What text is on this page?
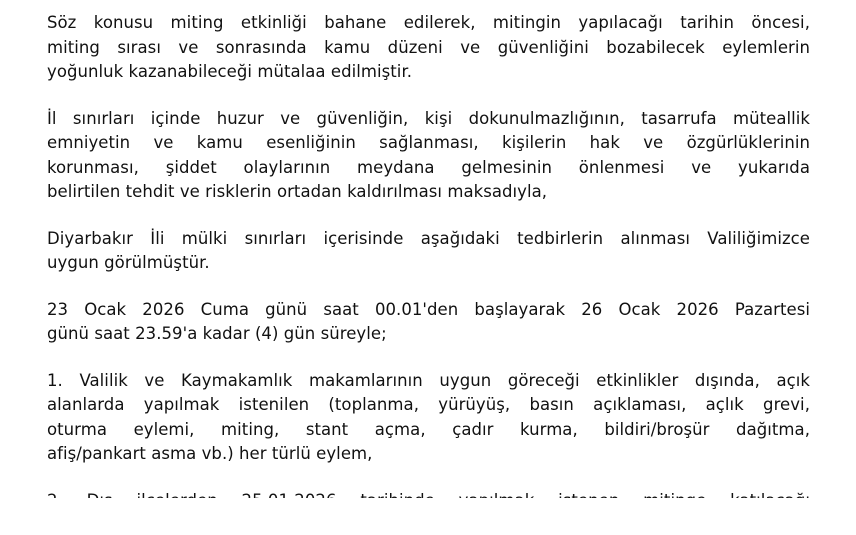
Söz konusu miting etkinliği bahane edilerek, mitingin yapılacağı tarihin öncesi,
miting sırası ve sonrasında kamu düzeni ve güvenliğini bozabilecek eylemlerin
yoğunluk kazanabileceği mütalaa edilmiştir.

İl sınırları içinde huzur ve güvenliğin, kişi dokunulmazlığının, tasarrufa müteallik
emniyetin ve kamu esenliğinin sağlanması, kişilerin hak ve özgürlüklerinin
korunması, şiddet olaylarının meydana gelmesinin önlenmesi ve yukarıda
belirtilen tehdit ve risklerin ortadan kaldırılması maksadıyla,

Diyarbakır İli mülki sınırları içerisinde aşağıdaki tedbirlerin alınması Valiliğimizce
uygun görülmüştür.

23 Ocak 2026 Cuma günü saat 00.01'den başlayarak 26 Ocak 2026 Pazartesi
günü saat 23.59'a kadar (4) gün süreyle;

1. Valilik ve Kaymakamlık makamlarının uygun göreceği etkinlikler dışında, açık
alanlarda yapılmak istenilen (toplanma, yürüyüş, basın açıklaması, açlık grevi,
oturma eylemi, miting, stant açma, çadır kurma, bildiri/broşür dağıtma,
afiş/pankart asma vb.) her türlü eylem,
